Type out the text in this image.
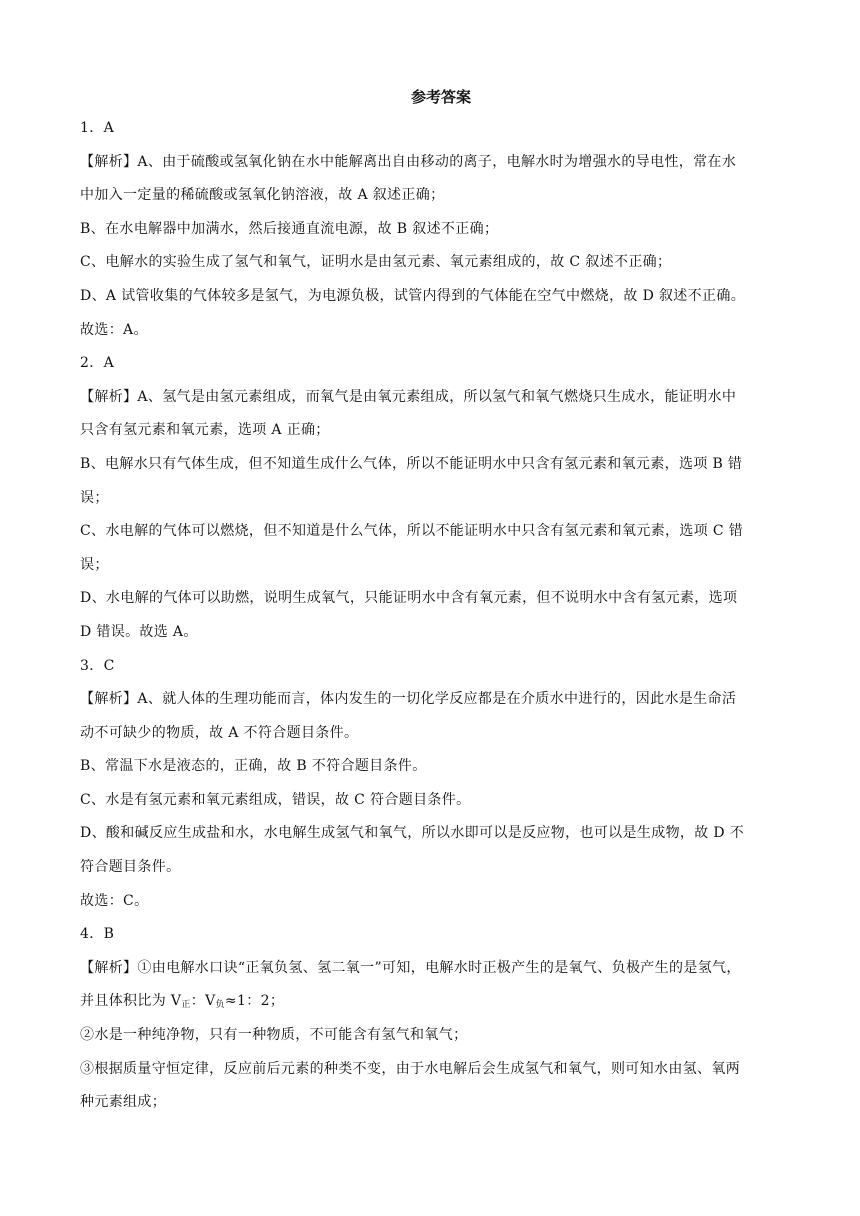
参考答案
1．A
【解析】A、由于硫酸或氢氧化钠在水中能解离出自由移动的离子，电解水时为增强水的导电性，常在水
中加入一定量的稀硫酸或氢氧化钠溶液，故 A 叙述正确；
B、在水电解器中加满水，然后接通直流电源，故 B 叙述不正确；
C、电解水的实验生成了氢气和氧气，证明水是由氢元素、氧元素组成的，故 C 叙述不正确；
D、A 试管收集的气体较多是氢气，为电源负极，试管内得到的气体能在空气中燃烧，故 D 叙述不正确。
故选：A。
2．A
【解析】A、氢气是由氢元素组成，而氧气是由氧元素组成，所以氢气和氧气燃烧只生成水，能证明水中
只含有氢元素和氧元素，选项 A 正确；
B、电解水只有气体生成，但不知道生成什么气体，所以不能证明水中只含有氢元素和氧元素，选项 B 错
误；
C、水电解的气体可以燃烧，但不知道是什么气体，所以不能证明水中只含有氢元素和氧元素，选项 C 错
误；
D、水电解的气体可以助燃，说明生成氧气，只能证明水中含有氧元素，但不说明水中含有氢元素，选项
D 错误。故选 A。
3．C
【解析】A、就人体的生理功能而言，体内发生的一切化学反应都是在介质水中进行的，因此水是生命活
动不可缺少的物质，故 A 不符合题目条件。
B、常温下水是液态的，正确，故 B 不符合题目条件。
C、水是有氢元素和氧元素组成，错误，故 C 符合题目条件。
D、酸和碱反应生成盐和水，水电解生成氢气和氧气，所以水即可以是反应物，也可以是生成物，故 D 不
符合题目条件。
故选：C。
4．B
【解析】①由电解水口诀“正氧负氢、氢二氧一”可知，电解水时正极产生的是氧气、负极产生的是氢气，
并且体积比为 $V_正$：$V_负\approx 1$：2；
②水是一种纯净物，只有一种物质，不可能含有氢气和氧气；
③根据质量守恒定律，反应前后元素的种类不变，由于水电解后会生成氢气和氧气，则可知水由氢、氧两
种元素组成；
